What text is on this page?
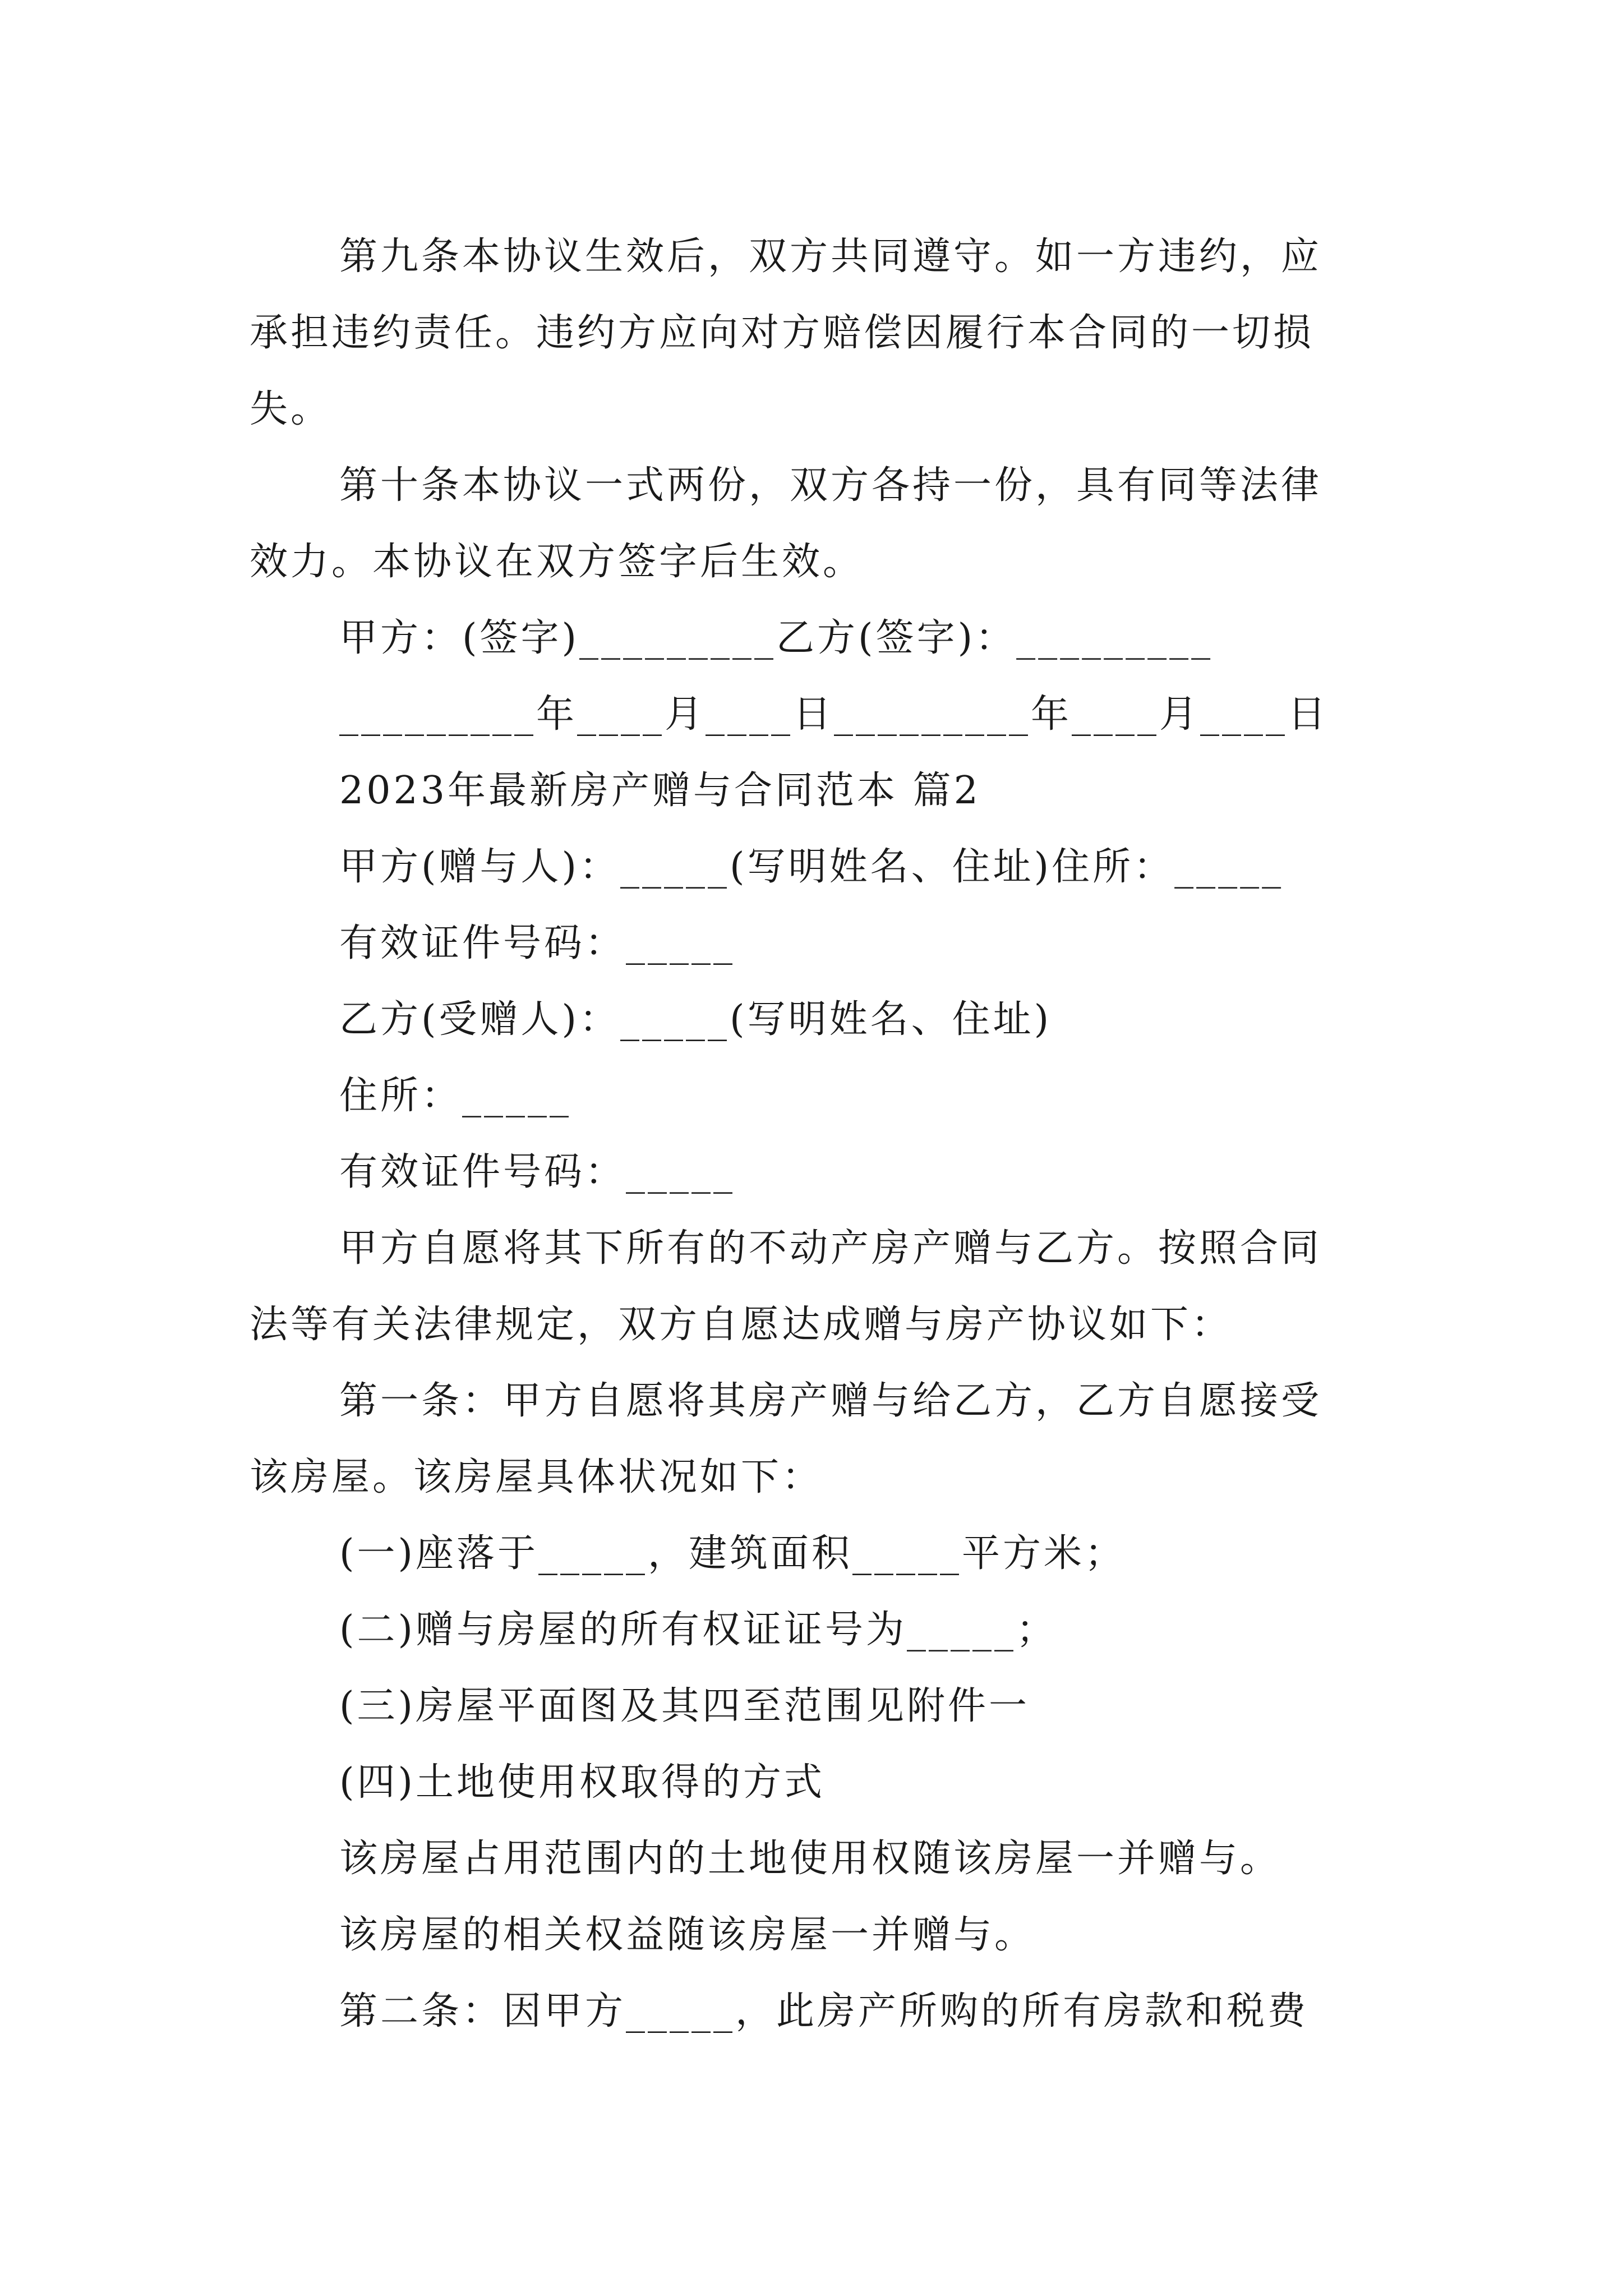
第九条本协议生效后，双方共同遵守。如一方违约，应
承担违约责任。违约方应向对方赔偿因履行本合同的一切损
失。
第十条本协议一式两份，双方各持一份，具有同等法律
效力。本协议在双方签字后生效。
甲方：(签字)_________乙方(签字)：_________
_________年____月____日_________年____月____日
2023年最新房产赠与合同范本 篇2
甲方(赠与人)：_____(写明姓名、住址)住所：_____
有效证件号码：_____
乙方(受赠人)：_____(写明姓名、住址)
住所：_____
有效证件号码：_____
甲方自愿将其下所有的不动产房产赠与乙方。按照合同
法等有关法律规定，双方自愿达成赠与房产协议如下：
第一条：甲方自愿将其房产赠与给乙方，乙方自愿接受
该房屋。该房屋具体状况如下：
(一)座落于_____，建筑面积_____平方米；
(二)赠与房屋的所有权证证号为_____；
(三)房屋平面图及其四至范围见附件一
(四)土地使用权取得的方式
该房屋占用范围内的土地使用权随该房屋一并赠与。
该房屋的相关权益随该房屋一并赠与。
第二条：因甲方_____，此房产所购的所有房款和税费
